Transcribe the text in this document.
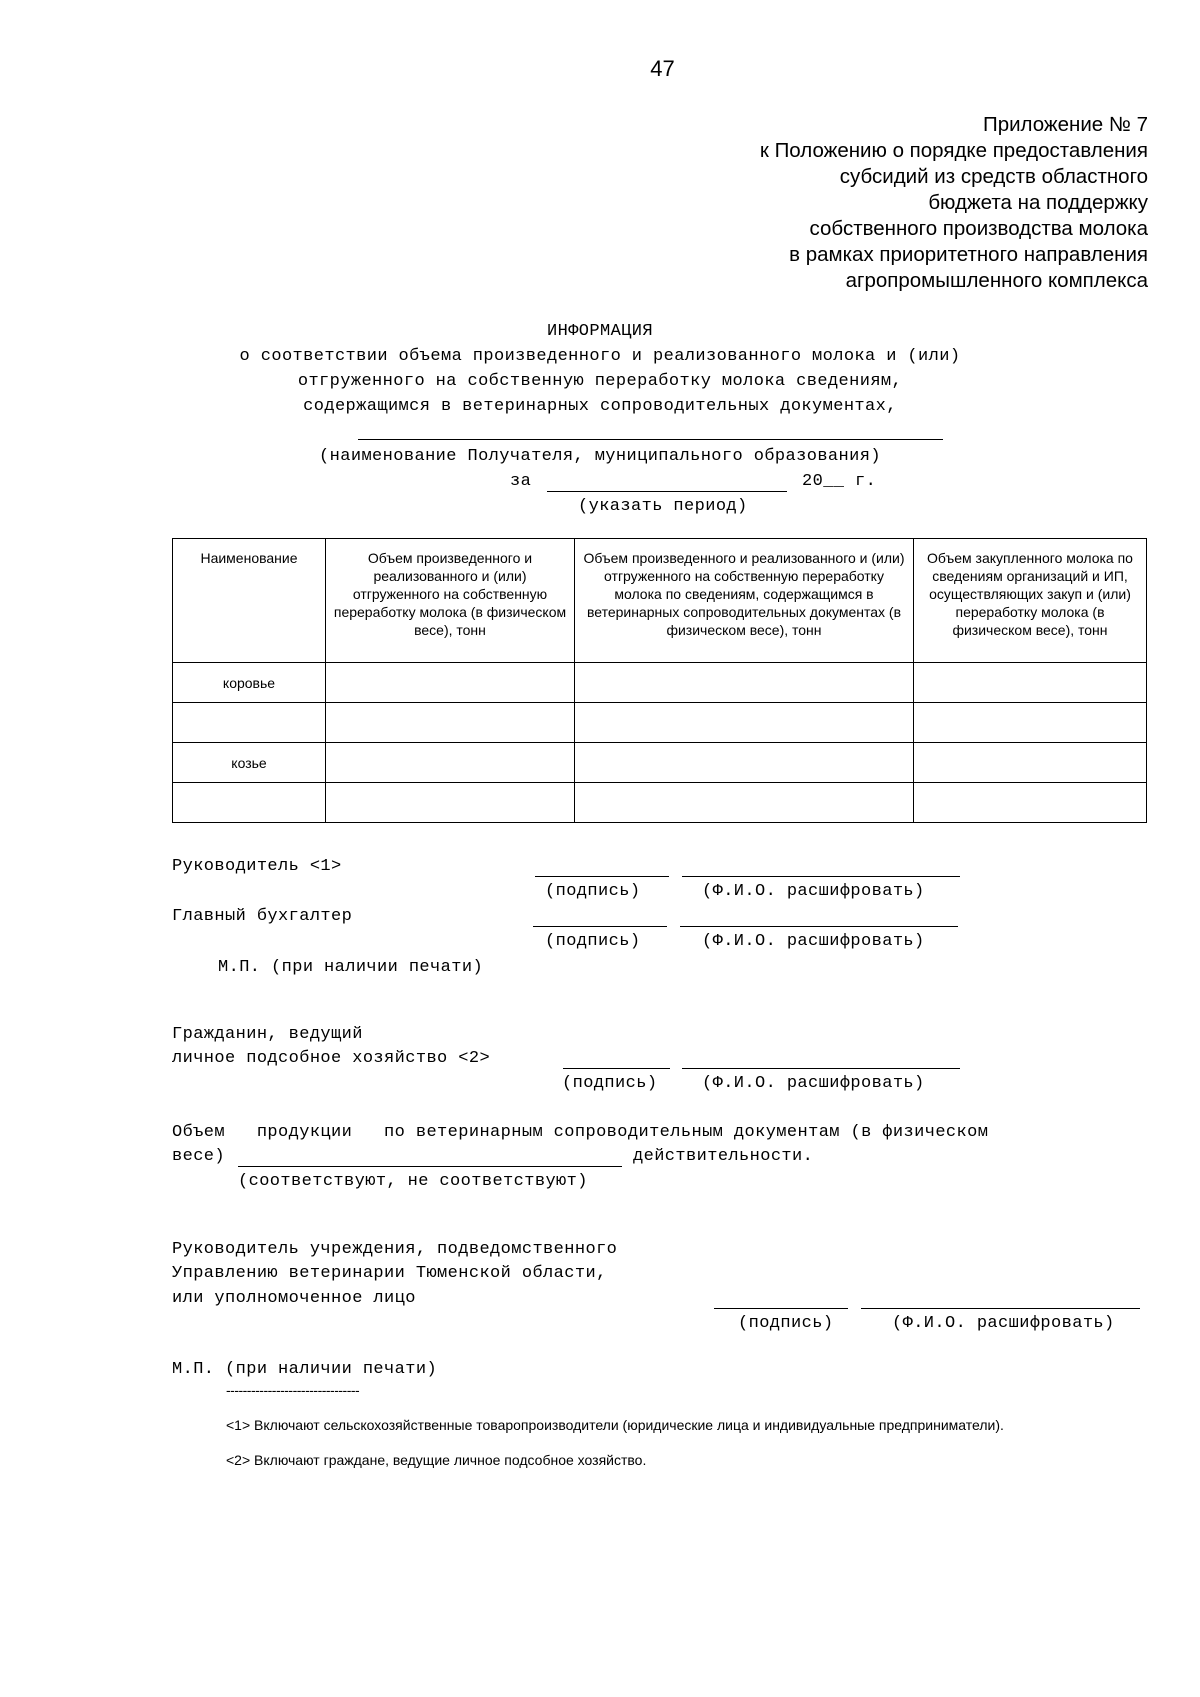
47
Приложение № 7
к Положению о порядке предоставления
субсидий из средств областного
бюджета на поддержку
собственного производства молока
в рамках приоритетного направления
агропромышленного комплекса
ИНФОРМАЦИЯ
о соответствии объема произведенного и реализованного молока и (или)
отгруженного на собственную переработку молока сведениям,
содержащимся в ветеринарных сопроводительных документах,
(наименование Получателя, муниципального образования)
за	20__ г.
(указать период)
Наименование	Объем произведенного и реализованного и (или) отгруженного на собственную переработку молока (в физическом весе), тонн	Объем произведенного и реализованного и (или) отгруженного на собственную переработку молока по сведениям, содержащимся в ветеринарных сопроводительных документах (в физическом весе), тонн	Объем закупленного молока по сведениям организаций и ИП, осуществляющих закуп и (или) переработку молока (в физическом весе), тонн
коровье			

козье			

Руководитель <1>
(подпись)	(Ф.И.О. расшифровать)
Главный бухгалтер
(подпись)	(Ф.И.О. расшифровать)
М.П. (при наличии печати)
Гражданин, ведущий
личное подсобное хозяйство <2>
(подпись)	(Ф.И.О. расшифровать)
Объем   продукции   по ветеринарным сопроводительным документам (в физическом
весе)	действительности.
(соответствуют, не соответствуют)
Руководитель учреждения, подведомственного
Управлению ветеринарии Тюменской области,
или уполномоченное лицо
(подпись)	(Ф.И.О. расшифровать)
М.П. (при наличии печати)
--------------------------------
<1> Включают сельскохозяйственные товаропроизводители (юридические лица и индивидуальные предприниматели).
<2> Включают граждане, ведущие личное подсобное хозяйство.
